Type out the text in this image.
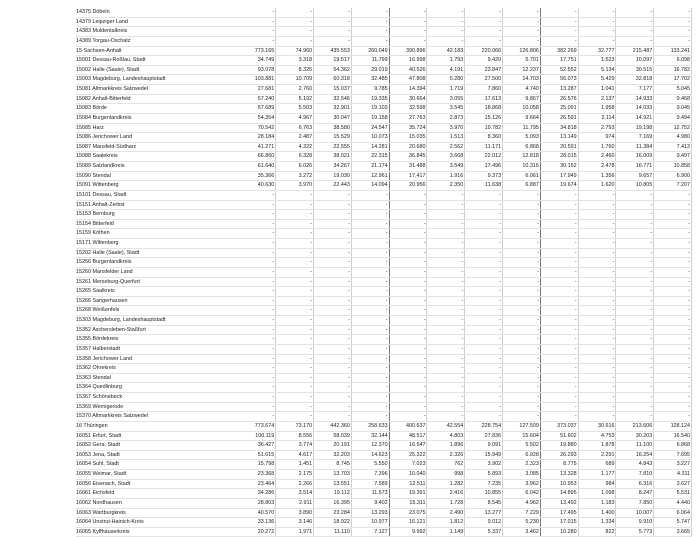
14375 Döbeln	-	-	-	-	-	-	-	-	-	-	-	-
14379 Leipziger Land	-	-	-	-	-	-	-	-	-	-	-	-
14383 Muldentalkreis	-	-	-	-	-	-	-	-	-	-	-	-
14389 Torgau-Oschatz	-	-	-	-	-	-	-	-	-	-	-	-
15 Sachsen-Anhalt	773.165	74.960	435.553	260.049	390.896	42.183	220.066	126.806	382.269	32.777	215.487	133.241
15001 Dessau-Roßlau, Stadt	34.749	3.318	19.517	11.799	16.998	1.793	9.420	5.701	17.751	1.523	10.097	6.098
15002 Halle (Saale), Stadt	93.078	8.325	54.362	29.019	40.526	4.191	23.847	12.237	52.552	5.134	30.515	16.782
15003 Magdeburg, Landeshauptstadt	103.881	10.709	60.318	32.485	47.808	5.280	27.500	14.703	56.073	5.429	32.818	17.702
15081 Altmarkkreis Salzwedel	27.681	2.760	15.037	9.785	14.394	1.719	7.860	4.740	13.287	1.041	7.177	5.045
15082 Anhalt-Bitterfeld	57.240	5.192	32.546	19.335	30.664	3.055	17.613	9.867	26.576	2.137	14.933	9.468
15083 Börde	57.689	5.503	32.901	19.103	32.598	3.545	18.868	10.058	25.091	1.958	14.033	9.045
15084 Burgenlandkreis	54.354	4.967	30.047	19.158	27.763	2.873	15.126	9.664	26.591	2.114	14.921	9.494
15085 Harz	70.542	6.763	38.580	24.547	35.724	3.970	19.782	11.795	34.818	2.793	19.198	12.752
15086 Jerichower Land	28.184	2.487	15.529	10.073	15.035	1.513	8.360	5.093	13.149	974	7.169	4.980
15087 Mansfeld-Südharz	41.271	4.322	22.555	14.281	20.680	2.562	11.171	6.868	20.591	1.760	11.384	7.413
15088 Saalekreis	66.860	6.328	38.021	22.315	36.845	3.668	22.012	12.818	28.015	2.460	16.009	9.497
15089 Salzlandkreis	61.640	6.026	34.267	21.174	31.488	3.549	17.496	10.316	30.152	2.478	16.771	10.858
15090 Stendal	35.366	3.272	19.030	12.961	17.417	1.916	9.373	6.061	17.949	1.356	9.657	6.900
15091 Wittenberg	40.630	3.970	22.443	14.094	20.956	2.350	11.638	6.887	19.674	1.620	10.805	7.207
15101 Dessau, Stadt	-	-	-	-	-	-	-	-	-	-	-	-
15151 Anhalt-Zerbst	-	-	-	-	-	-	-	-	-	-	-	-
15153 Bernburg	-	-	-	-	-	-	-	-	-	-	-	-
15154 Bitterfeld	-	-	-	-	-	-	-	-	-	-	-	-
15159 Köthen	-	-	-	-	-	-	-	-	-	-	-	-
15171 Wittenberg	-	-	-	-	-	-	-	-	-	-	-	-
15202 Halle (Saale), Stadt	-	-	-	-	-	-	-	-	-	-	-	-
15256 Burgenlandkreis	-	-	-	-	-	-	-	-	-	-	-	-
15260 Mansfelder Land	-	-	-	-	-	-	-	-	-	-	-	-
15261 Merseburg-Querfurt	-	-	-	-	-	-	-	-	-	-	-	-
15265 Saalkreis	-	-	-	-	-	-	-	-	-	-	-	-
15266 Sangerhausen	-	-	-	-	-	-	-	-	-	-	-	-
15268 Weißenfels	-	-	-	-	-	-	-	-	-	-	-	-
15303 Magdeburg, Landeshauptstadt	-	-	-	-	-	-	-	-	-	-	-	-
15352 Aschersleben-Staßfurt	-	-	-	-	-	-	-	-	-	-	-	-
15355 Bördekreis	-	-	-	-	-	-	-	-	-	-	-	-
15357 Halberstadt	-	-	-	-	-	-	-	-	-	-	-	-
15358 Jerichower Land	-	-	-	-	-	-	-	-	-	-	-	-
15362 Ohrekreis	-	-	-	-	-	-	-	-	-	-	-	-
15363 Stendal	-	-	-	-	-	-	-	-	-	-	-	-
15364 Quedlinburg	-	-	-	-	-	-	-	-	-	-	-	-
15367 Schönebeck	-	-	-	-	-	-	-	-	-	-	-	-
15369 Wernigerode	-	-	-	-	-	-	-	-	-	-	-	-
15370 Altmarkkreis Salzwedel	-	-	-	-	-	-	-	-	-	-	-	-
16 Thüringen	773.674	73.170	442.360	258.633	400.637	42.554	228.754	127.509	373.037	30.616	213.606	128.124
16051 Erfurt, Stadt	100.119	8.556	58.039	32.144	48.517	4.803	27.836	15.604	51.602	4.753	30.203	16.540
16052 Gera, Stadt	36.427	3.774	20.191	12.370	16.547	1.896	9.091	5.502	19.880	1.878	11.100	6.868
16053 Jena, Stadt	51.615	4.617	32.203	14.623	25.322	2.326	15.949	6.928	26.293	2.291	16.254	7.695
16054 Suhl, Stadt	15.798	1.451	8.745	5.550	7.023	762	3.902	2.323	8.775	689	4.843	3.227
16055 Weimar, Stadt	23.368	2.175	13.703	7.396	10.040	998	5.893	3.085	13.328	1.177	7.810	4.311
16056 Eisenach, Stadt	23.464	2.266	13.551	7.589	12.511	1.282	7.235	3.962	10.953	984	6.316	3.627
16061 Eichsfeld	34.286	3.514	19.112	11.573	19.391	2.416	10.855	6.042	14.895	1.098	8.247	5.531
16062 Nordhausen	28.803	2.911	16.395	9.402	15.311	1.728	8.545	4.962	13.492	1.183	7.850	4.440
16063 Wartburgkreis	40.570	3.890	23.284	13.293	23.075	2.490	13.277	7.229	17.495	1.400	10.007	6.064
16064 Unstrut-Hainich-Kreis	33.136	3.146	18.922	10.977	16.121	1.812	9.012	5.230	17.015	1.334	9.910	5.747
16065 Kyffhäuserkreis	20.272	1.971	11.110	7.127	9.992	1.149	5.337	3.462	10.280	822	5.773	3.665
